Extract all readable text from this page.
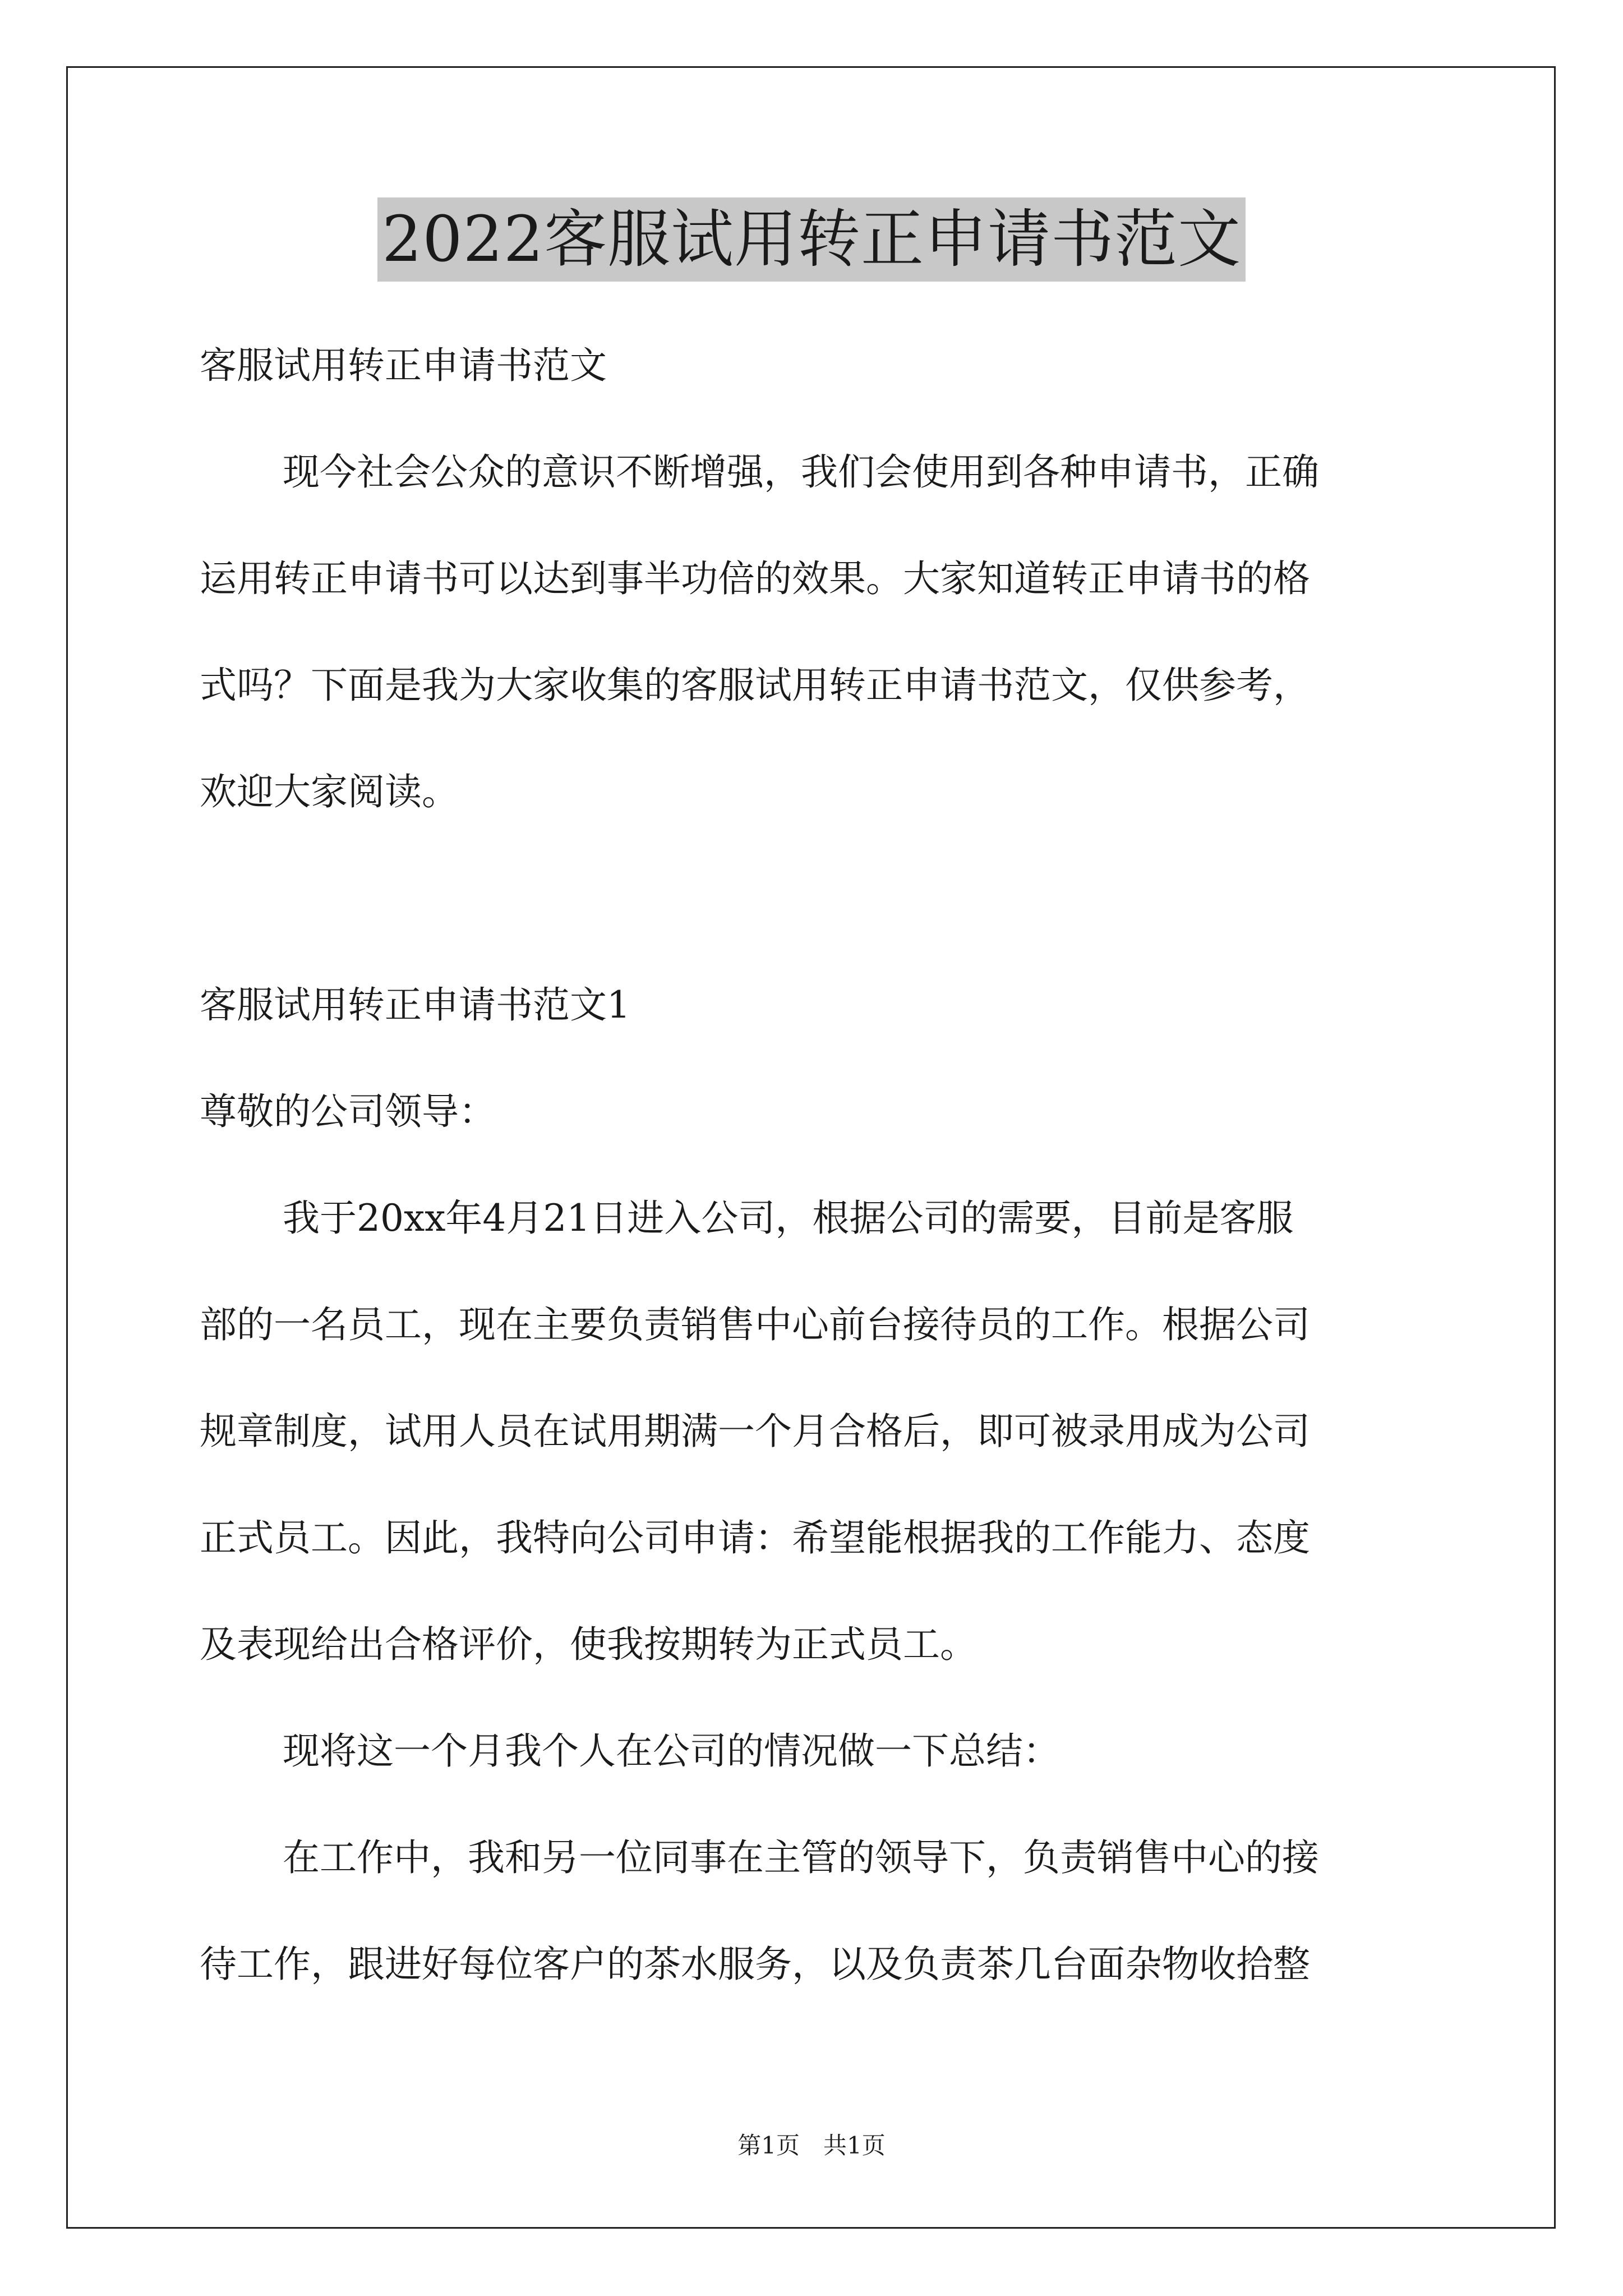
2022客服试用转正申请书范文
客服试用转正申请书范文
现今社会公众的意识不断增强，我们会使用到各种申请书，正确
运用转正申请书可以达到事半功倍的效果。大家知道转正申请书的格
式吗？下面是我为大家收集的客服试用转正申请书范文，仅供参考，
欢迎大家阅读。
客服试用转正申请书范文1
尊敬的公司领导：
我于20xx年4月21日进入公司，根据公司的需要，目前是客服
部的一名员工，现在主要负责销售中心前台接待员的工作。根据公司
规章制度，试用人员在试用期满一个月合格后，即可被录用成为公司
正式员工。因此，我特向公司申请：希望能根据我的工作能力、态度
及表现给出合格评价，使我按期转为正式员工。
现将这一个月我个人在公司的情况做一下总结：
在工作中，我和另一位同事在主管的领导下，负责销售中心的接
待工作，跟进好每位客户的茶水服务，以及负责茶几台面杂物收拾整
第1页　共1页
